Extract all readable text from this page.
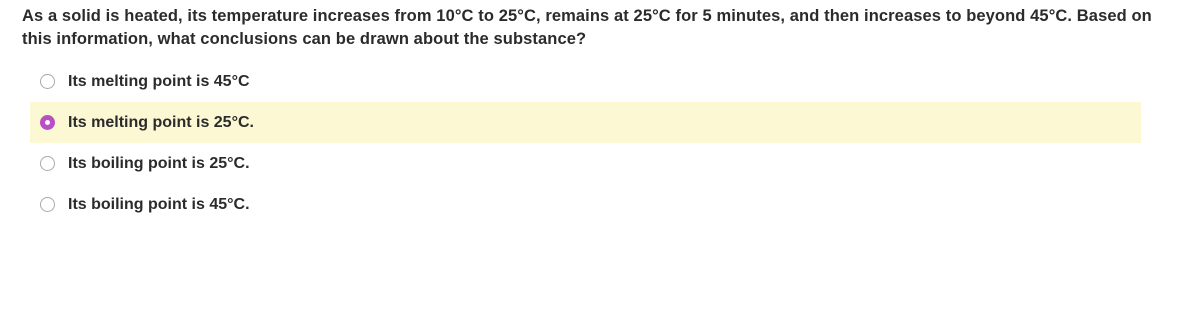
As a solid is heated, its temperature increases from 10°C to 25°C, remains at 25°C for 5 minutes, and then increases to beyond 45°C. Based on this information, what conclusions can be drawn about the substance?
Its melting point is 45°C
Its melting point is 25°C.
Its boiling point is 25°C.
Its boiling point is 45°C.
